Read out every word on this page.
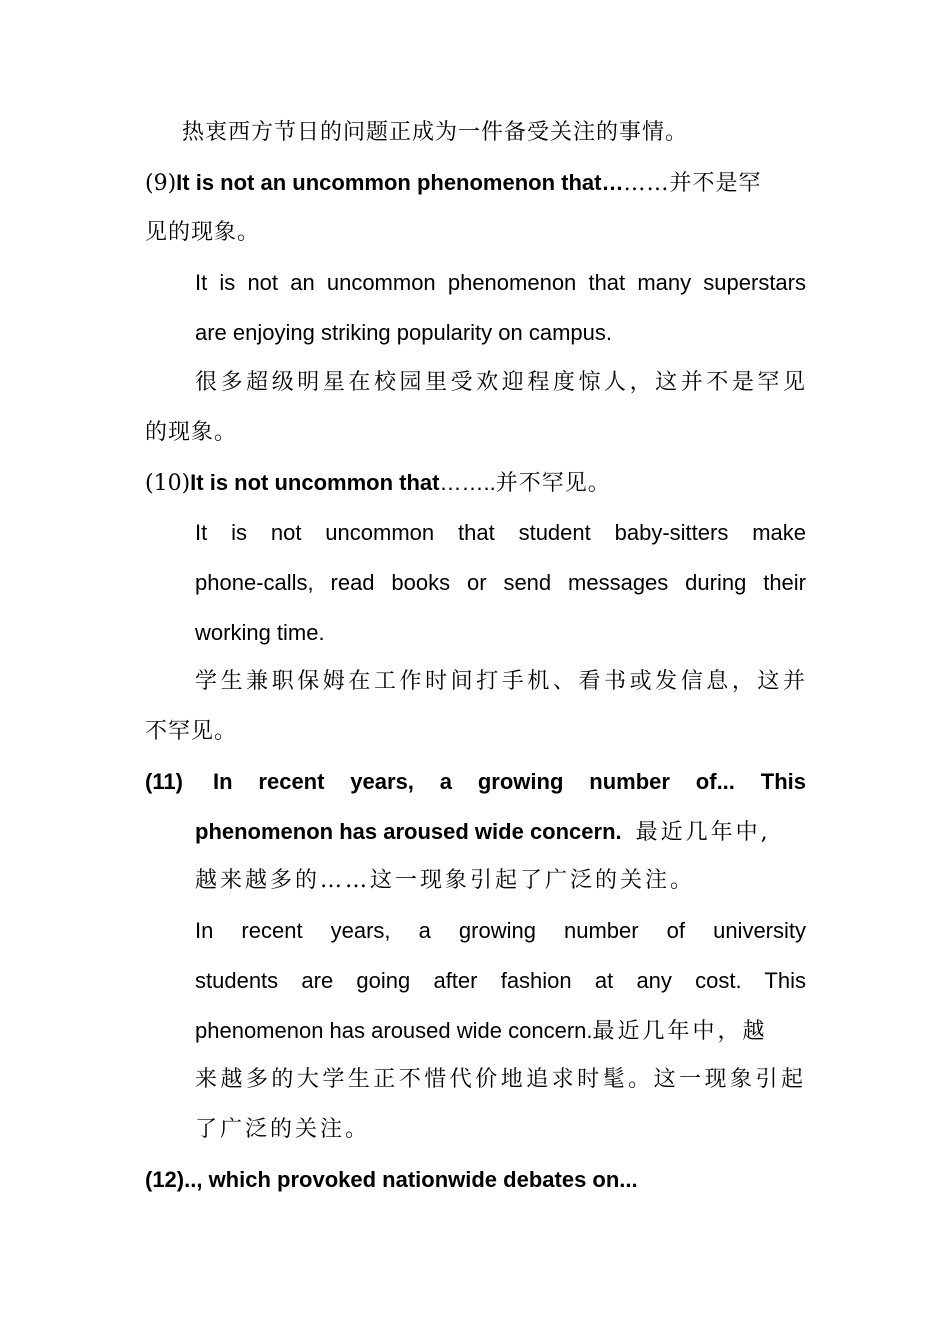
热衷西方节日的问题正成为一件备受关注的事情。
(9)It is not an uncommon phenomenon that………并不是罕
见的现象。
It is not an uncommon phenomenon that many superstars
are enjoying striking popularity on campus.
很多超级明星在校园里受欢迎程度惊人，这并不是罕见
的现象。
(10)It is not uncommon that……..并不罕见。
It is not uncommon that student baby-sitters make
phone-calls, read books or send messages during their
working time.
学生兼职保姆在工作时间打手机、看书或发信息，这并
不罕见。
(11) In recent years, a growing number of... This
phenomenon has aroused wide concern. 最近几年中,
越来越多的……这一现象引起了广泛的关注。
In recent years, a growing number of university
students are going after fashion at any cost. This
phenomenon has aroused wide concern.最近几年中，越
来越多的大学生正不惜代价地追求时髦。这一现象引起
了广泛的关注。
(12).., which provoked nationwide debates on...
